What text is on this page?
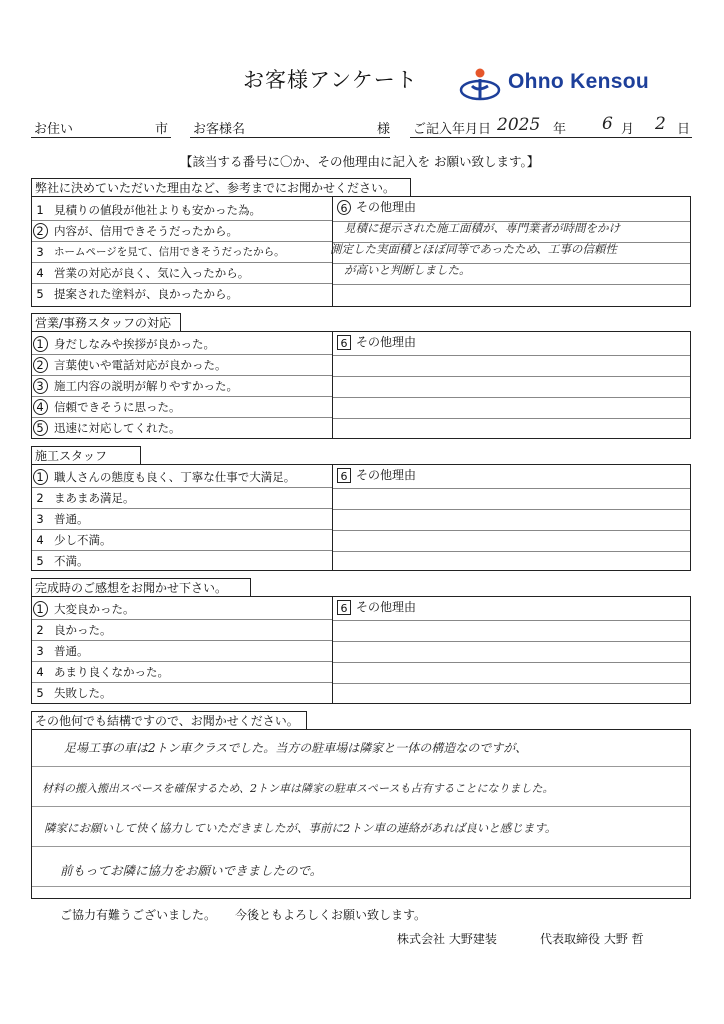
お客様アンケート	Ohno Kensou
お住い	市 お客様名	様 ご記入年月日 2025 年 6 月 2 日
【該当する番号に〇か、その他理由に記入を お願い致します。】
弊社に決めていただいた理由など、参考までにお聞かせください。
1 見積りの値段が他社よりも安かった為。
2 内容が、信用できそうだったから。
3 ホームページを見て、信用できそうだったから。
4 営業の対応が良く、気に入ったから。
5 提案された塗料が、良かったから。
6 その他理由
見積に提示された施工面積が、専門業者が時間をかけ
測定した実面積とほぼ同等であったため、工事の信頼性
が高いと判断しました。
営業/事務スタッフの対応
1 身だしなみや挨拶が良かった。
2 言葉使いや電話対応が良かった。
3 施工内容の説明が解りやすかった。
4 信頼できそうに思った。
5 迅速に対応してくれた。
6 その他理由
施工スタッフ
1 職人さんの態度も良く、丁寧な仕事で大満足。
2 まあまあ満足。
3 普通。
4 少し不満。
5 不満。
6 その他理由
完成時のご感想をお聞かせ下さい。
1 大変良かった。
2 良かった。
3 普通。
4 あまり良くなかった。
5 失敗した。
6 その他理由
その他何でも結構ですので、お聞かせください。
足場工事の車は2トン車クラスでした。当方の駐車場は隣家と一体の構造なのですが、
材料の搬入搬出スペースを確保するため、2トン車は隣家の駐車スペースも占有することになりました。
隣家にお願いして快く協力していただきましたが、事前に2トン車の連絡があれば良いと感じます。
前もってお隣に協力をお願いできましたので。
ご協力有難うございました。 今後ともよろしくお願い致します。
株式会社 大野建装	代表取締役 大野 哲
